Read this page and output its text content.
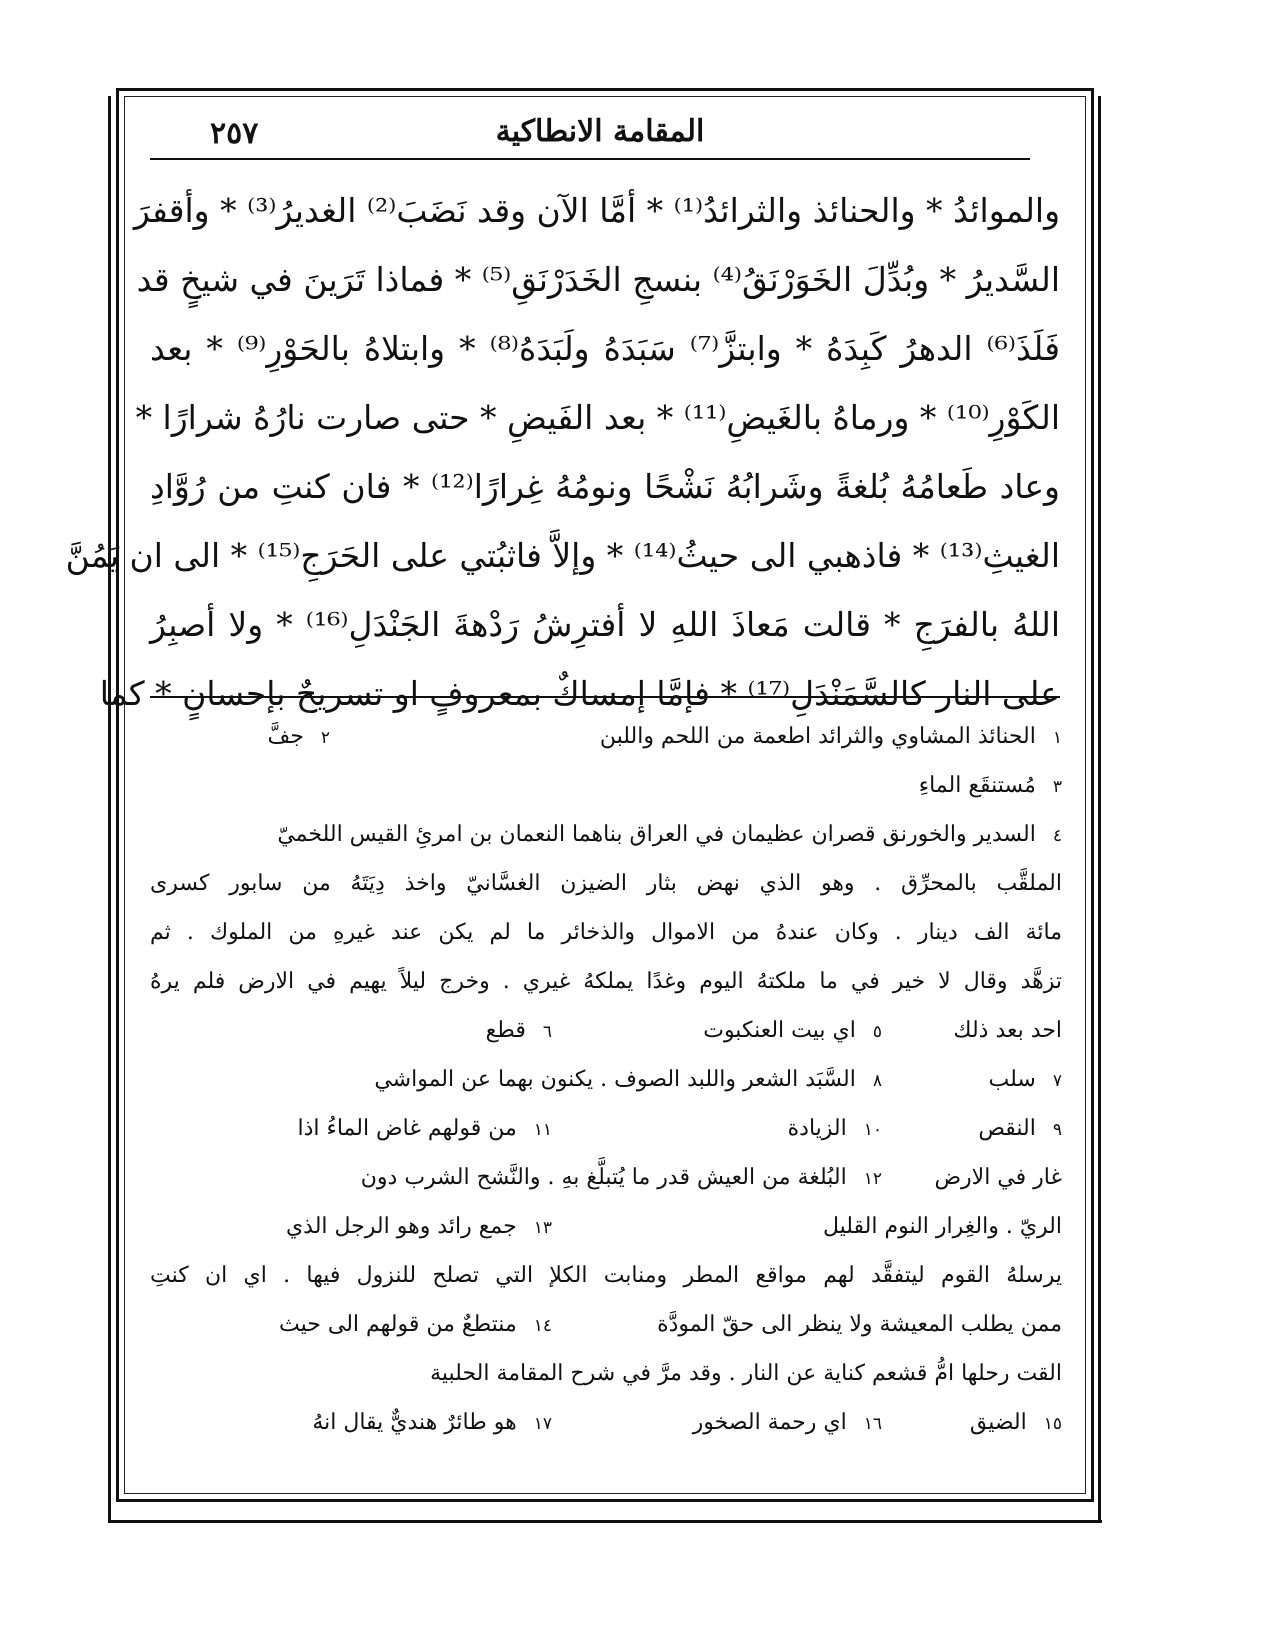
٢٥٧	المقامة الانطاكية
والموائدُ * والحنائذ والثرائدُ⁽¹⁾ * أمَّا الآن وقد نَضَبَ⁽²⁾ الغديرُ⁽³⁾ * وأقفرَ
السَّديرُ * وبُدِّلَ الخَوَرْنَقُ⁽⁴⁾ بنسجِ الخَدَرْنَقِ⁽⁵⁾ * فماذا تَرَينَ في شيخٍ قد
فَلَذَ⁽⁶⁾ الدهرُ كَبِدَهُ * وابتزَّ⁽⁷⁾ سَبَدَهُ ولَبَدَهُ⁽⁸⁾ * وابتلاهُ بالحَوْرِ⁽⁹⁾ * بعد
الكَوْرِ⁽¹⁰⁾ * ورماهُ بالغَيضِ⁽¹¹⁾ * بعد الفَيضِ * حتى صارت نارُهُ شرارًا *
وعاد طَعامُهُ بُلغةً وشَرابُهُ نَشْحًا ونومُهُ غِرارًا⁽¹²⁾ * فان كنتِ من رُوَّادِ
الغيثِ⁽¹³⁾ * فاذهبي الى حيثُ⁽¹⁴⁾ * وإلاَّ فاثبُتي على الحَرَجِ⁽¹⁵⁾ * الى ان يَمُنَّ
اللهُ بالفرَجِ * قالت مَعاذَ اللهِ لا أفترِشُ رَدْهةَ الجَنْدَلِ⁽¹⁶⁾ * ولا أصبِرُ
على النار كالسَّمَنْدَلِ⁽¹⁷⁾ * فإمَّا إمساكٌ بمعروفٍ او تسريحٌ بإحسانٍ * كما
١ الحنائذ المشاوي والثرائد اطعمة من اللحم واللبن
٢ جفَّ
٣ مُستنقَع الماءِ
٤ السدير والخورنق قصران عظيمان في العراق بناهما النعمان بن امرئِ القيس اللخميّ
الملقَّب بالمحرِّق . وهو الذي نهض بثار الضيزن الغسَّانيّ واخذ دِيَتَهُ من سابور كسرى
مائة الف دينار . وكان عندهُ من الاموال والذخائر ما لم يكن عند غيرهِ من الملوك . ثم
تزهَّد وقال لا خير في ما ملكتهُ اليوم وغدًا يملكهُ غيري . وخرج ليلاً يهيم في الارض فلم يرهُ
احد بعد ذلك
٥ اي بيت العنكبوت
٦ قطع
٧ سلب
٨ السَّبَد الشعر واللبد الصوف . يكنون بهما عن المواشي
٩ النقص
١٠ الزيادة
١١ من قولهم غاض الماءُ اذا
غار في الارض
١٢ البُلغة من العيش قدر ما يُتبلَّغ بهِ . والنَّشح الشرب دون
الريّ . والغِرار النوم القليل
١٣ جمع رائد وهو الرجل الذي
يرسلهُ القوم ليتفقَّد لهم مواقع المطر ومنابت الكلإ التي تصلح للنزول فيها . اي ان كنتِ
ممن يطلب المعيشة ولا ينظر الى حقّ المودَّة
١٤ منتطعٌ من قولهم الى حيث
القت رحلها امُّ قشعم كناية عن النار . وقد مرَّ في شرح المقامة الحلبية
١٥ الضيق
١٦ اي رحمة الصخور
١٧ هو طائرٌ هنديٌّ يقال انهُ
